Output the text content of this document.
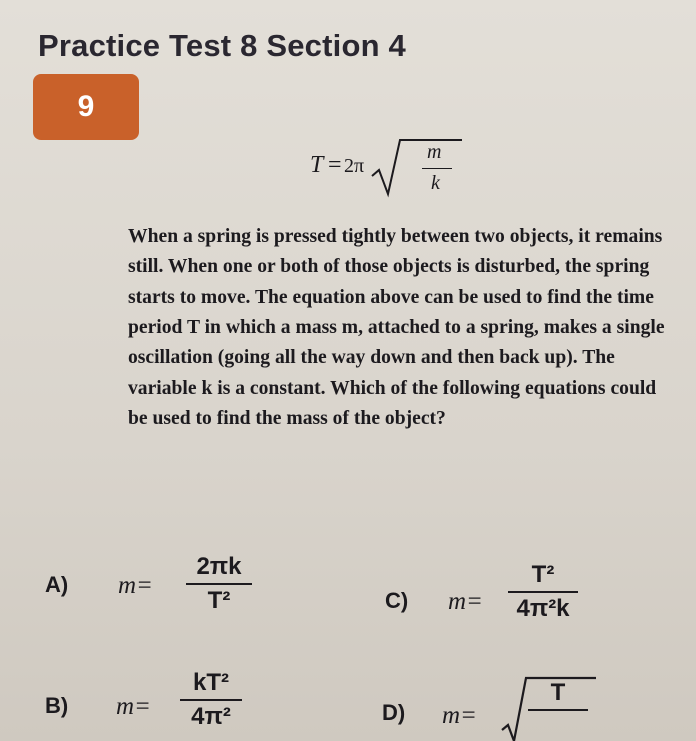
Practice Test 8 Section 4
9
T = 2π
m
k

When a spring is pressed tightly between two objects, it remains still. When one or both of those objects is disturbed, the spring starts to move. The equation above can be used to find the time period T in which a mass m, attached to a spring, makes a single oscillation (going all the way down and then back up). The variable k is a constant. Which of the following equations could be used to find the mass of the object?

A) m=
2πk
T²	C) m=
T²
4π²k
B) m=
kT²
4π²	D) m=
T
